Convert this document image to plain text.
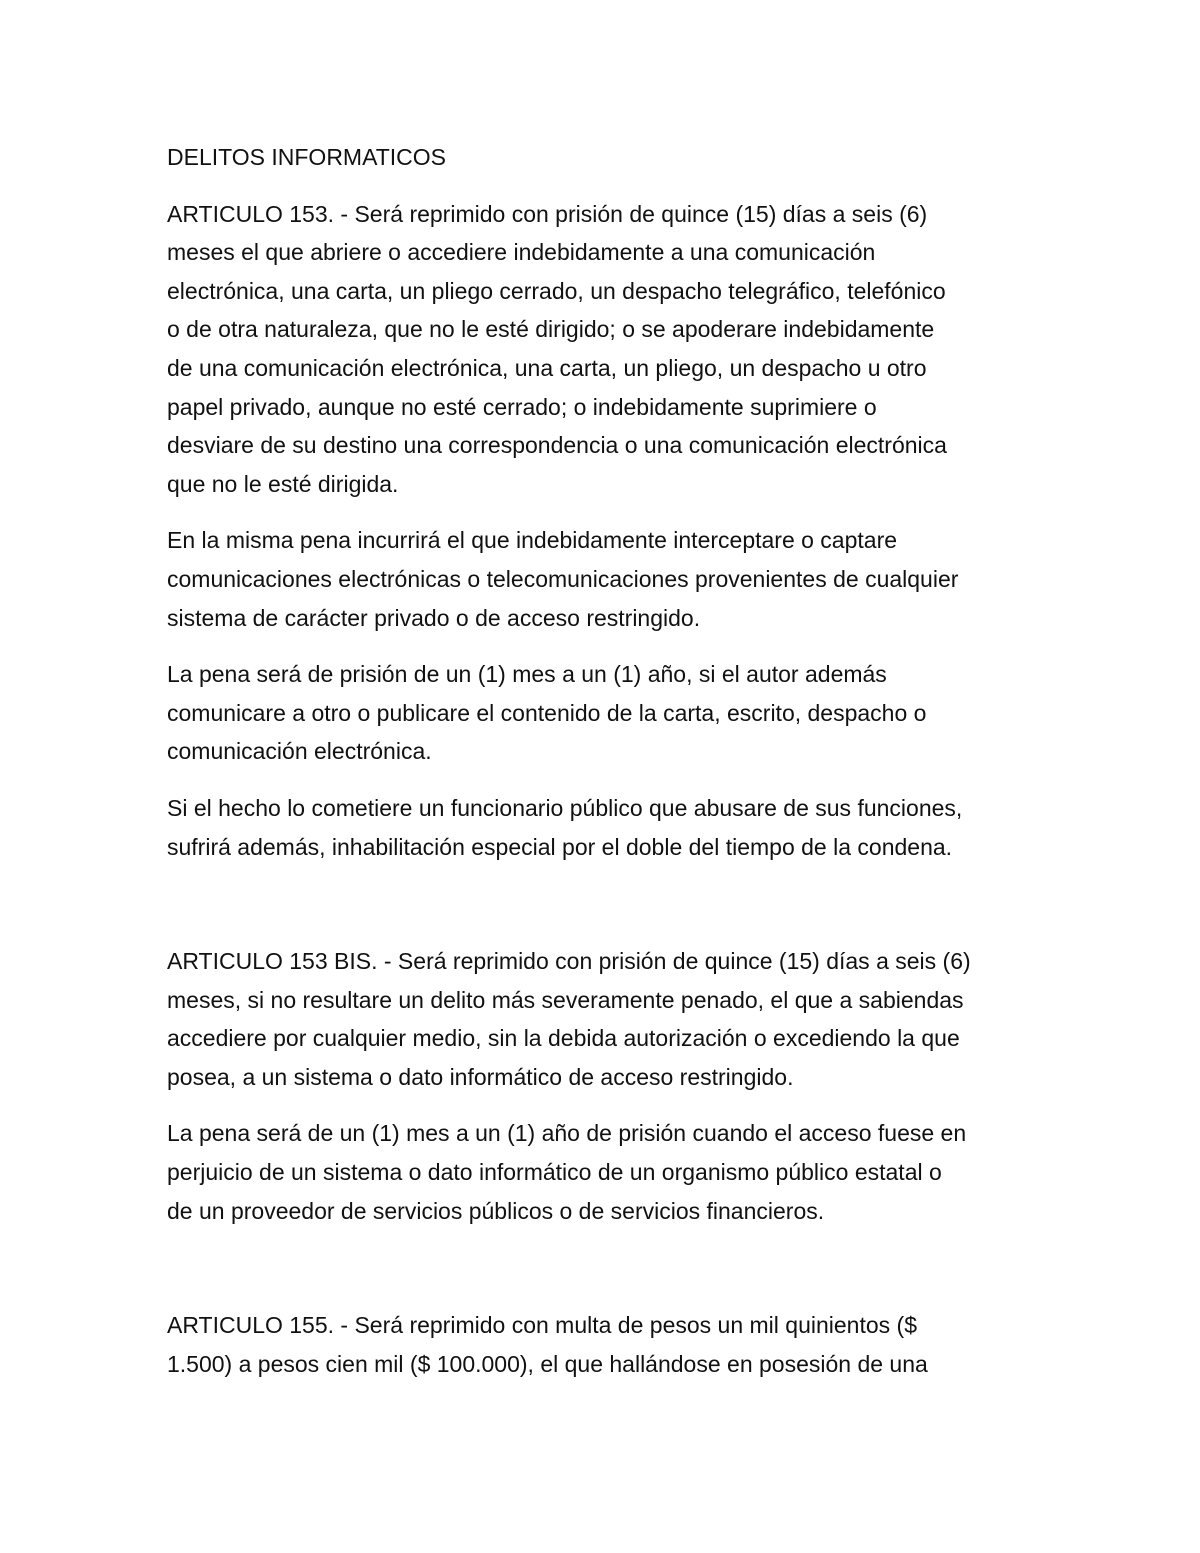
DELITOS INFORMATICOS
ARTICULO 153. - Será reprimido con prisión de quince (15) días a seis (6)
meses el que abriere o accediere indebidamente a una comunicación
electrónica, una carta, un pliego cerrado, un despacho telegráfico, telefónico
o de otra naturaleza, que no le esté dirigido; o se apoderare indebidamente
de una comunicación electrónica, una carta, un pliego, un despacho u otro
papel privado, aunque no esté cerrado; o indebidamente suprimiere o
desviare de su destino una correspondencia o una comunicación electrónica
que no le esté dirigida.
En la misma pena incurrirá el que indebidamente interceptare o captare
comunicaciones electrónicas o telecomunicaciones provenientes de cualquier
sistema de carácter privado o de acceso restringido.
La pena será de prisión de un (1) mes a un (1) año, si el autor además
comunicare a otro o publicare el contenido de la carta, escrito, despacho o
comunicación electrónica.
Si el hecho lo cometiere un funcionario público que abusare de sus funciones,
sufrirá además, inhabilitación especial por el doble del tiempo de la condena.
ARTICULO 153 BIS. - Será reprimido con prisión de quince (15) días a seis (6)
meses, si no resultare un delito más severamente penado, el que a sabiendas
accediere por cualquier medio, sin la debida autorización o excediendo la que
posea, a un sistema o dato informático de acceso restringido.
La pena será de un (1) mes a un (1) año de prisión cuando el acceso fuese en
perjuicio de un sistema o dato informático de un organismo público estatal o
de un proveedor de servicios públicos o de servicios financieros.
ARTICULO 155. - Será reprimido con multa de pesos un mil quinientos ($
1.500) a pesos cien mil ($ 100.000), el que hallándose en posesión de una
